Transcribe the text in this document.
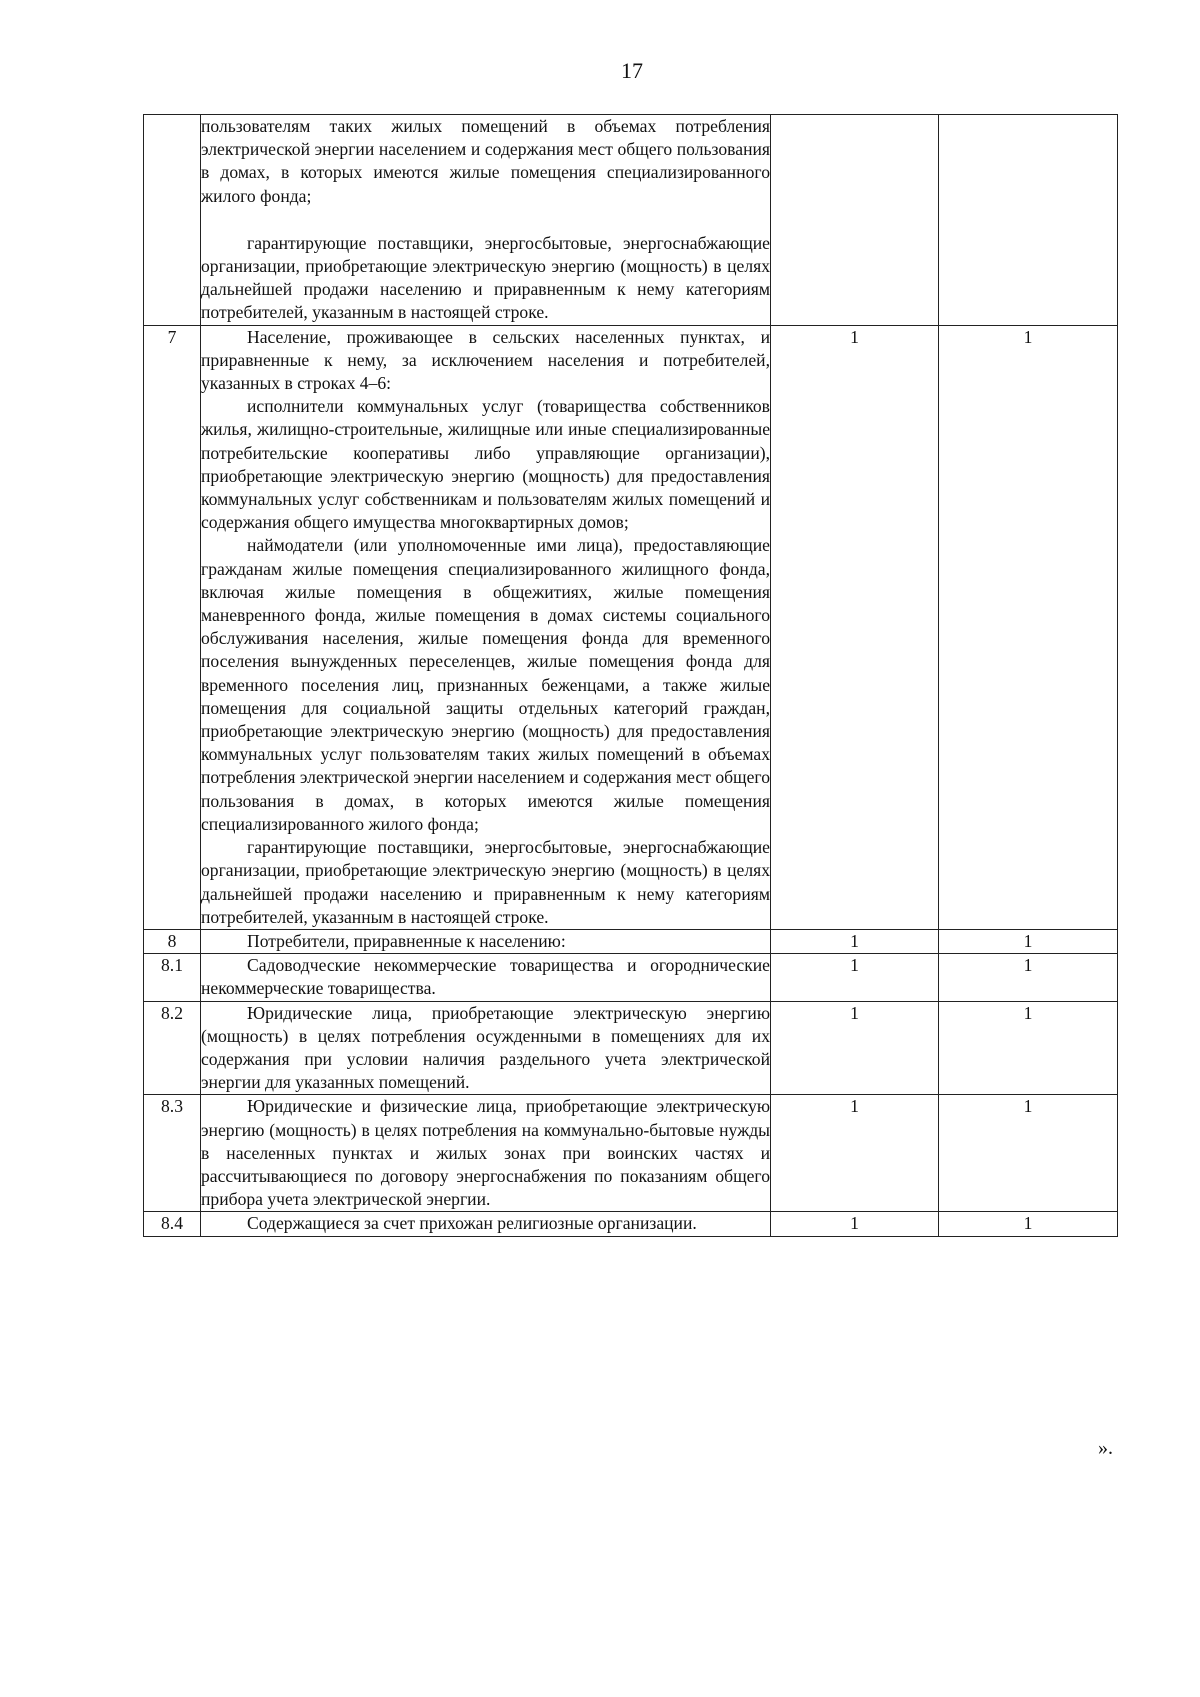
17

	пользователям таких жилых помещений в объемах потребления электрической энергии населением и содержания мест общего пользования в домах, в которых имеются жилые помещения специализированного жилого фонда;
гарантирующие поставщики, энергосбытовые, энергоснабжающие организации, приобретающие электрическую энергию (мощность) в целях дальнейшей продажи населению и приравненным к нему категориям потребителей, указанным в настоящей строке.		

7	Население, проживающее в сельских населенных пунктах, и приравненные к нему, за исключением населения и потребителей, указанных в строках 4–6:
исполнители коммунальных услуг (товарищества собственников жилья, жилищно-строительные, жилищные или иные специализированные потребительские кооперативы либо управляющие организации), приобретающие электрическую энергию (мощность) для предоставления коммунальных услуг собственникам и пользователям жилых помещений и содержания общего имущества многоквартирных домов;
наймодатели (или уполномоченные ими лица), предоставляющие гражданам жилые помещения специализированного жилищного фонда, включая жилые помещения в общежитиях, жилые помещения маневренного фонда, жилые помещения в домах системы социального обслуживания населения, жилые помещения фонда для временного поселения вынужденных переселенцев, жилые помещения фонда для временного поселения лиц, признанных беженцами, а также жилые помещения для социальной защиты отдельных категорий граждан, приобретающие электрическую энергию (мощность) для предоставления коммунальных услуг пользователям таких жилых помещений в объемах потребления электрической энергии населением и содержания мест общего пользования в домах, в которых имеются жилые помещения специализированного жилого фонда;
гарантирующие поставщики, энергосбытовые, энергоснабжающие организации, приобретающие электрическую энергию (мощность) в целях дальнейшей продажи населению и приравненным к нему категориям потребителей, указанным в настоящей строке.	1	1
8	Потребители, приравненные к населению:	1	1
8.1	Садоводческие некоммерческие товарищества и огороднические некоммерческие товарищества.	1	1
8.2	Юридические лица, приобретающие электрическую энергию (мощность) в целях потребления осужденными в помещениях для их содержания при условии наличия раздельного учета электрической энергии для указанных помещений.	1	1
8.3	Юридические и физические лица, приобретающие электрическую энергию (мощность) в целях потребления на коммунально-бытовые нужды в населенных пунктах и жилых зонах при воинских частях и рассчитывающиеся по договору энергоснабжения по показаниям общего прибора учета электрической энергии.	1	1
8.4	Содержащиеся за счет прихожан религиозные организации.	1	1
».
